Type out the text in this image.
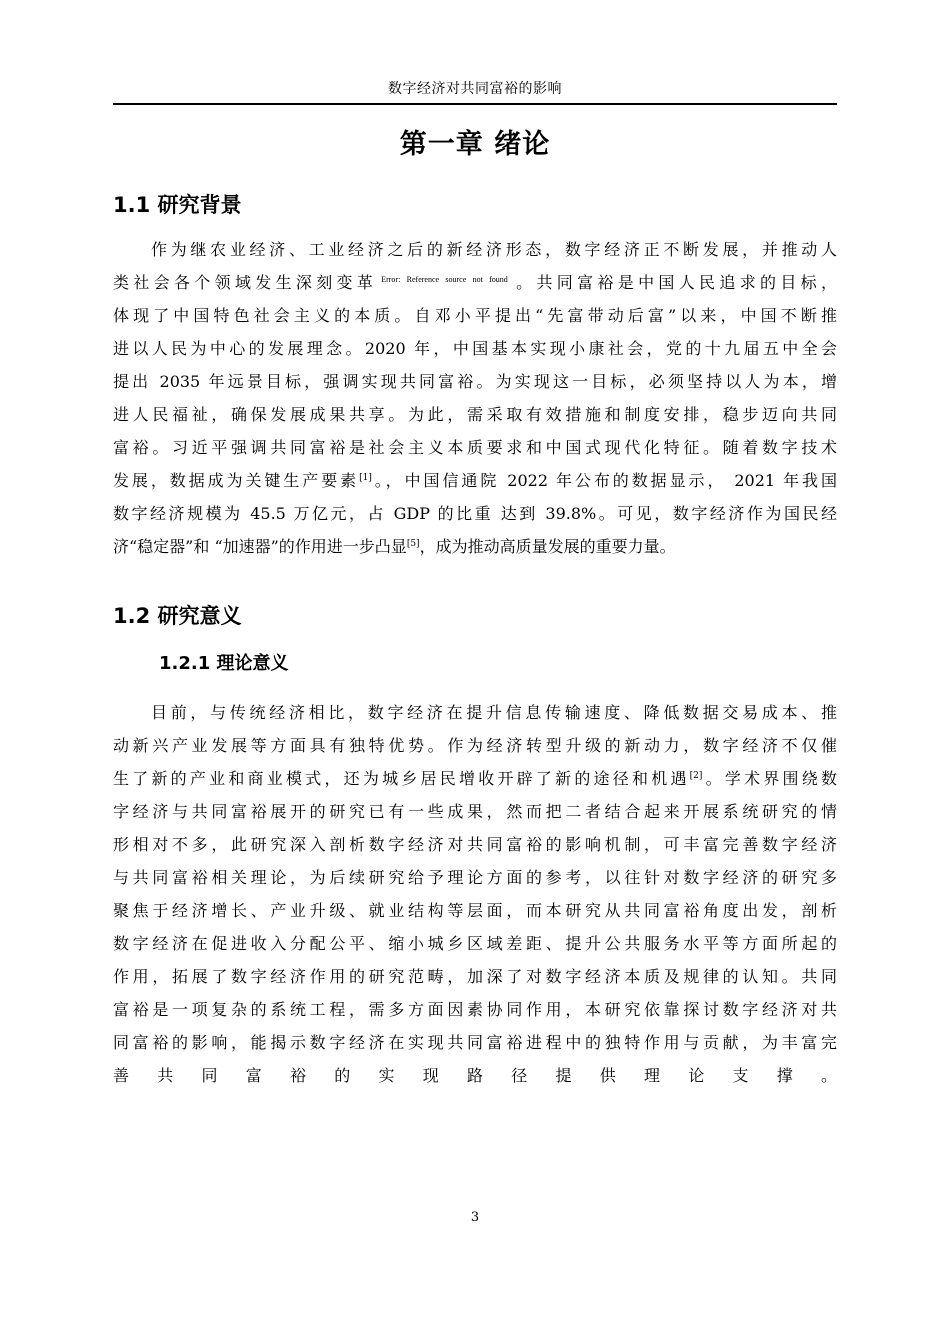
数字经济对共同富裕的影响
第一章 绪论
1.1 研究背景
作为继农业经济、工业经济之后的新经济形态，数字经济正不断发展，并推动人
类社会各个领域发生深刻变革 $^{Error: Reference source not found}$ 。共同富裕是中国人民追求的目标，
体现了中国特色社会主义的本质。自邓小平提出“先富带动后富”以来，中国不断推
进以人民为中心的发展理念。2020 年，中国基本实现小康社会，党的十九届五中全会
提出 2035 年远景目标，强调实现共同富裕。为实现这一目标，必须坚持以人为本，增
进人民福祉，确保发展成果共享。为此，需采取有效措施和制度安排，稳步迈向共同
富裕。习近平强调共同富裕是社会主义本质要求和中国式现代化特征。随着数字技术
发展，数据成为关键生产要素[1]。，中国信通院 2022 年公布的数据显示， 2021 年我国
数字经济规模为 45.5 万亿元，占 GDP 的比重 达到 39.8%。可见，数字经济作为国民经
济“稳定器”和 “加速器”的作用进一步凸显[5]，成为推动高质量发展的重要力量。
1.2 研究意义
1.2.1 理论意义
目前，与传统经济相比，数字经济在提升信息传输速度、降低数据交易成本、推
动新兴产业发展等方面具有独特优势。作为经济转型升级的新动力，数字经济不仅催
生了新的产业和商业模式，还为城乡居民增收开辟了新的途径和机遇[2]。学术界围绕数
字经济与共同富裕展开的研究已有一些成果，然而把二者结合起来开展系统研究的情
形相对不多，此研究深入剖析数字经济对共同富裕的影响机制，可丰富完善数字经济
与共同富裕相关理论，为后续研究给予理论方面的参考，以往针对数字经济的研究多
聚焦于经济增长、产业升级、就业结构等层面，而本研究从共同富裕角度出发，剖析
数字经济在促进收入分配公平、缩小城乡区域差距、提升公共服务水平等方面所起的
作用，拓展了数字经济作用的研究范畴，加深了对数字经济本质及规律的认知。共同
富裕是一项复杂的系统工程，需多方面因素协同作用，本研究依靠探讨数字经济对共
同富裕的影响，能揭示数字经济在实现共同富裕进程中的独特作用与贡献，为丰富完
善共同富裕的实现路径提供理论支撑。
3
